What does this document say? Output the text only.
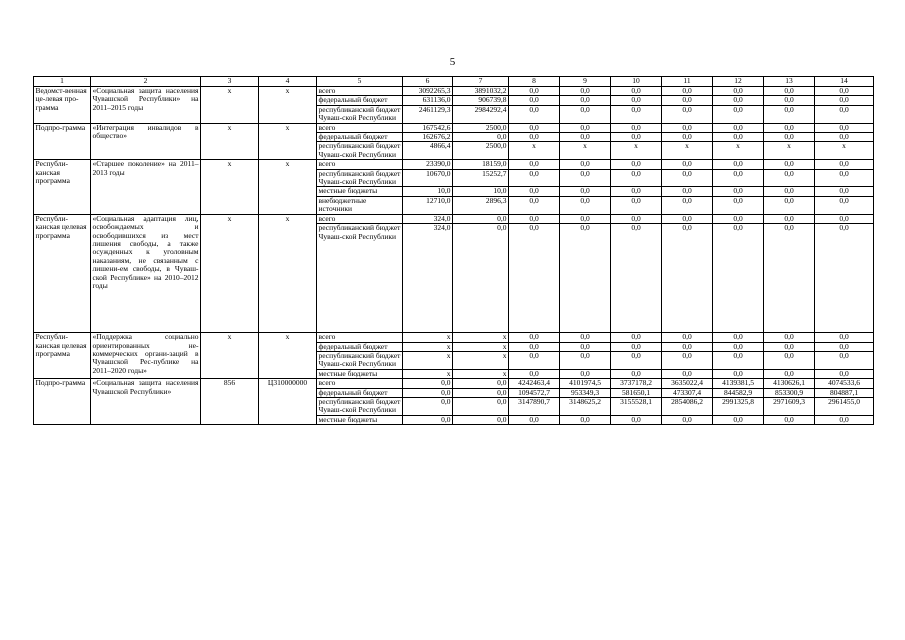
5
1	2	3	4	5	6	7	8	9	10	11	12	13	14
Ведомст-венная це-левая про-грамма	«Социальная защита населения Чувашской Республики» на 2011–2015 годы	x	x	всего	3092265,3	3891032,2	0,0	0,0	0,0	0,0	0,0	0,0	0,0
				федеральный бюджет	631136,0	906739,8	0,0	0,0	0,0	0,0	0,0	0,0	0,0
				республиканский бюджет Чуваш-ской Республики	2461129,3	2984292,4	0,0	0,0	0,0	0,0	0,0	0,0	0,0
Подпро-грамма	«Интеграция инвалидов в общество»	x	x	всего	167542,6	2500,0	0,0	0,0	0,0	0,0	0,0	0,0	0,0
				федеральный бюджет	162676,2	0,0	0,0	0,0	0,0	0,0	0,0	0,0	0,0
				республиканский бюджет Чуваш-ской Республики	4866,4	2500,0	x	x	x	x	x	x	x
Республи-канская программа	«Старшее поколение» на 2011–2013 годы	x	x	всего	23390,0	18159,0	0,0	0,0	0,0	0,0	0,0	0,0	0,0
				республиканский бюджет Чуваш-ской Республики	10670,0	15252,7	0,0	0,0	0,0	0,0	0,0	0,0	0,0
				местные бюджеты	10,0	10,0	0,0	0,0	0,0	0,0	0,0	0,0	0,0
				внебюджетные источники	12710,0	2896,3	0,0	0,0	0,0	0,0	0,0	0,0	0,0
Республи-канская целевая программа	«Социальная адаптация лиц, освобождаемых и освободившихся из мест лишения свободы, а также осужденных к уголовным наказаниям, не связанным с лишени-ем свободы, в Чуваш-ской Республике» на 2010–2012 годы	x	x	всего	324,0	0,0	0,0	0,0	0,0	0,0	0,0	0,0	0,0
				республиканский бюджет Чуваш-ской Республики	324,0	0,0	0,0	0,0	0,0	0,0	0,0	0,0	0,0
Республи-канская целевая программа	«Поддержка социально ориентированных не-коммерческих органи-заций в Чувашской Рес-публике на 2011–2020 годы»	x	x	всего	x	x	0,0	0,0	0,0	0,0	0,0	0,0	0,0
				федеральный бюджет	x	x	0,0	0,0	0,0	0,0	0,0	0,0	0,0
				республиканский бюджет Чуваш-ской Республики	x	x	0,0	0,0	0,0	0,0	0,0	0,0	0,0
				местные бюджеты	x	x	0,0	0,0	0,0	0,0	0,0	0,0	0,0
Подпро-грамма	«Социальная защита населения Чувашской Республики»	856	Ц310000000	всего	0,0	0,0	4242463,4	4101974,5	3737178,2	3635022,4	4139381,5	4130626,1	4074533,6
				федеральный бюджет	0,0	0,0	1094572,7	953349,3	581650,1	473307,4	844582,9	853300,9	804887,1
				республиканский бюджет Чуваш-ской Республики	0,0	0,0	3147890,7	3148625,2	3155528,1	2854086,2	2991325,8	2971609,3	2961455,0
				местные бюджеты	0,0	0,0	0,0	0,0	0,0	0,0	0,0	0,0	0,0
